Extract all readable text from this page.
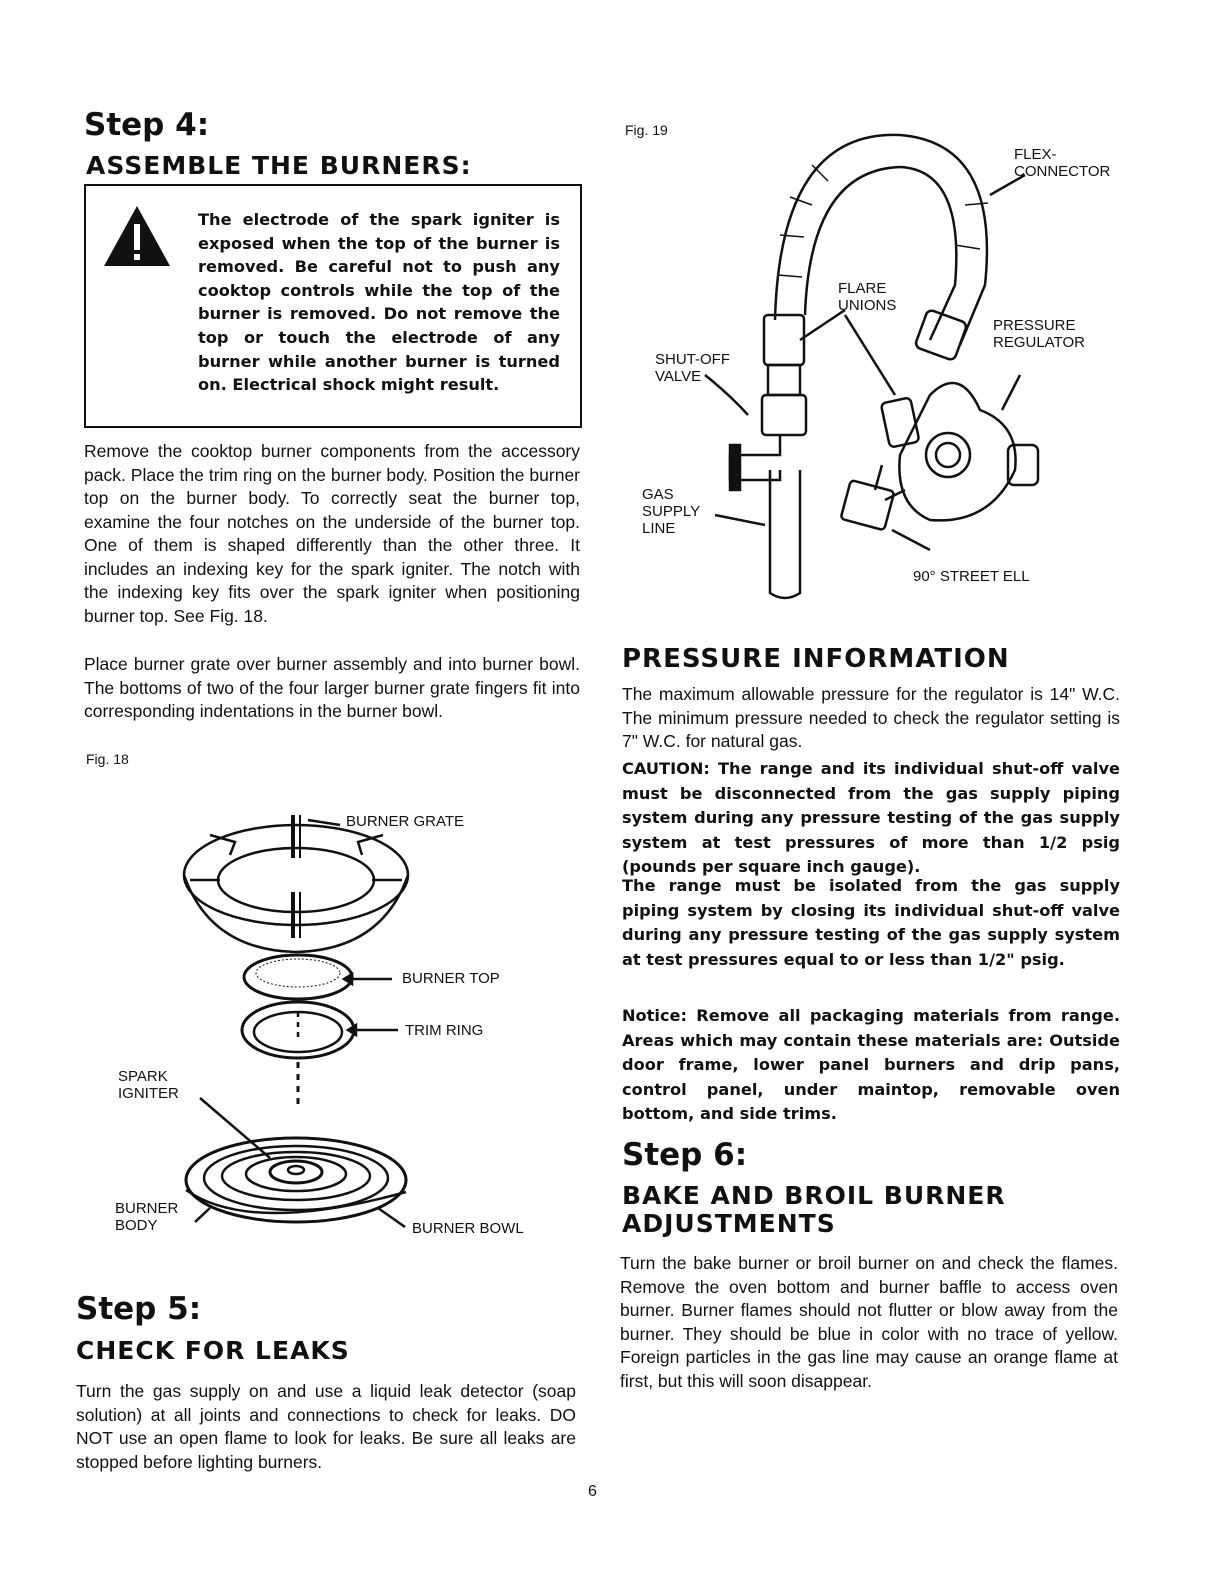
Step 4:
ASSEMBLE THE BURNERS:

The electrode of the spark igniter is exposed when the top of the burner is removed. Be careful not to push any cooktop controls while the top of the burner is removed. Do not remove the top or touch the electrode of any burner while another burner is turned on. Electrical shock might result.

Remove the cooktop burner components from the accessory pack. Place the trim ring on the burner body. Position the burner top on the burner body. To correctly seat the burner top, examine the four notches on the underside of the burner top. One of them is shaped differently than the other three. It includes an indexing key for the spark igniter. The notch with the indexing key fits over the spark igniter when positioning burner top. See Fig. 18.

Place burner grate over burner assembly and into burner bowl. The bottoms of two of the four larger burner grate fingers fit into corresponding indentations in the burner bowl.

Fig. 18
BURNER GRATE
BURNER TOP
TRIM RING
SPARK
IGNITER
BURNER
BODY	BURNER BOWL
Step 5:
CHECK FOR LEAKS

Turn the gas supply on and use a liquid leak detector (soap solution) at all joints and connections to check for leaks. DO NOT use an open flame to look for leaks. Be sure all leaks are stopped before lighting burners.

Fig. 19
FLEX-
CONNECTOR
FLARE
UNIONS
PRESSURE
REGULATOR
SHUT-OFF
VALVE
GAS
SUPPLY
LINE
90° STREET ELL
PRESSURE INFORMATION

The maximum allowable pressure for the regulator is 14" W.C. The minimum pressure needed to check the regulator setting is 7" W.C. for natural gas.

CAUTION: The range and its individual shut-off valve must be disconnected from the gas supply piping system during any pressure testing of the gas supply system at test pressures of more than 1/2 psig (pounds per square inch gauge).

The range must be isolated from the gas supply piping system by closing its individual shut-off valve during any pressure testing of the gas supply system at test pressures equal to or less than 1/2" psig.

Notice: Remove all packaging materials from range. Areas which may contain these materials are: Outside door frame, lower panel burners and drip pans, control panel, under maintop, removable oven bottom, and side trims.

Step 6:
BAKE AND BROIL BURNER ADJUSTMENTS

Turn the bake burner or broil burner on and check the flames. Remove the oven bottom and burner baffle to access oven burner. Burner flames should not flutter or blow away from the burner. They should be blue in color with no trace of yellow. Foreign particles in the gas line may cause an orange flame at first, but this will soon disappear.

6
